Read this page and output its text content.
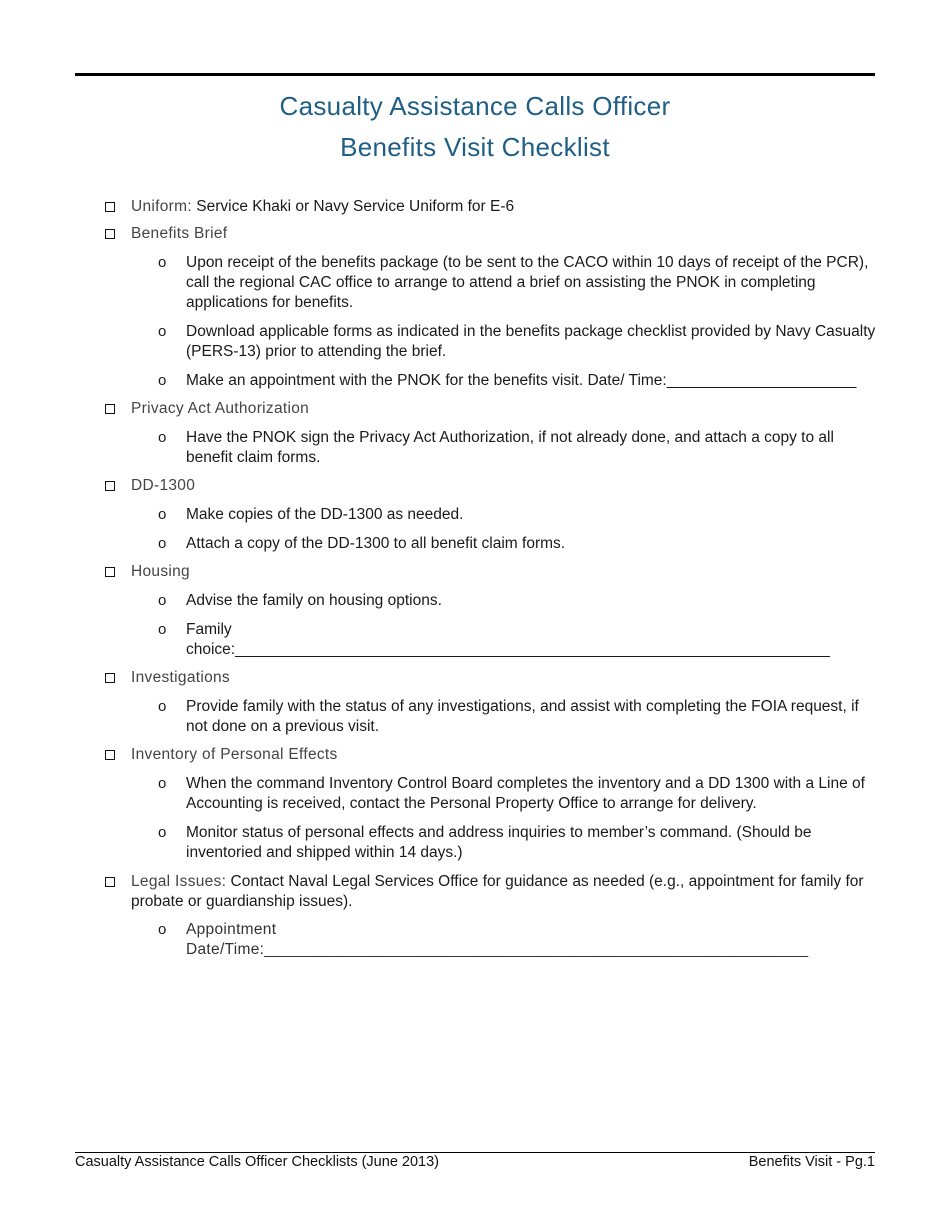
Casualty Assistance Calls Officer
Benefits Visit Checklist
Uniform: Service Khaki or Navy Service Uniform for E-6
Benefits Brief
o Upon receipt of the benefits package (to be sent to the CACO within 10 days of receipt of the PCR), call the regional CAC office to arrange to attend a brief on assisting the PNOK in completing applications for benefits.
o Download applicable forms as indicated in the benefits package checklist provided by Navy Casualty (PERS-13) prior to attending the brief.
o Make an appointment with the PNOK for the benefits visit. Date/ Time:______________________
Privacy Act Authorization
o Have the PNOK sign the Privacy Act Authorization, if not already done, and attach a copy to all benefit claim forms.
DD-1300
o Make copies of the DD-1300 as needed.
o Attach a copy of the DD-1300 to all benefit claim forms.
Housing
o Advise the family on housing options.
o Family choice:_____________________________________________________________________
Investigations
o Provide family with the status of any investigations, and assist with completing the FOIA request, if not done on a previous visit.
Inventory of Personal Effects
o When the command Inventory Control Board completes the inventory and a DD 1300 with a Line of Accounting is received, contact the Personal Property Office to arrange for delivery.
o Monitor status of personal effects and address inquiries to member’s command. (Should be inventoried and shipped within 14 days.)
Legal Issues: Contact Naval Legal Services Office for guidance as needed (e.g., appointment for family for probate or guardianship issues).
o Appointment Date/Time:_____________________________________________________________
Casualty Assistance Calls Officer Checklists (June 2013)	Benefits Visit - Pg.1
